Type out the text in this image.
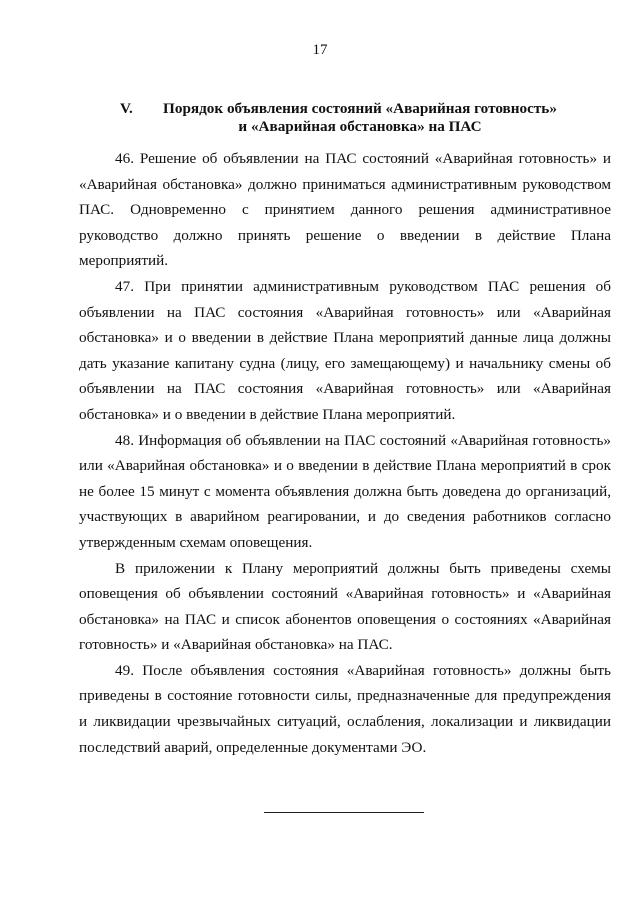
17
V.	Порядок объявления состояний «Аварийная готовность»
и «Аварийная обстановка» на ПАС

46. Решение об объявлении на ПАС состояний «Аварийная готовность» и «Аварийная обстановка» должно приниматься административным руководством ПАС. Одновременно с принятием данного решения административное руководство должно принять решение о введении в действие Плана мероприятий.

47. При принятии административным руководством ПАС решения об объявлении на ПАС состояния «Аварийная готовность» или «Аварийная обстановка» и о введении в действие Плана мероприятий данные лица должны дать указание капитану судна (лицу, его замещающему) и начальнику смены об объявлении на ПАС состояния «Аварийная готовность» или «Аварийная обстановка» и о введении в действие Плана мероприятий.

48. Информация об объявлении на ПАС состояний «Аварийная готовность» или «Аварийная обстановка» и о введении в действие Плана мероприятий в срок не более 15 минут с момента объявления должна быть доведена до организаций, участвующих в аварийном реагировании, и до сведения работников согласно утвержденным схемам оповещения.

В приложении к Плану мероприятий должны быть приведены схемы оповещения об объявлении состояний «Аварийная готовность» и «Аварийная обстановка» на ПАС и список абонентов оповещения о состояниях «Аварийная готовность» и «Аварийная обстановка» на ПАС.

49. После объявления состояния «Аварийная готовность» должны быть приведены в состояние готовности силы, предназначенные для предупреждения и ликвидации чрезвычайных ситуаций, ослабления, локализации и ликвидации последствий аварий, определенные документами ЭО.
